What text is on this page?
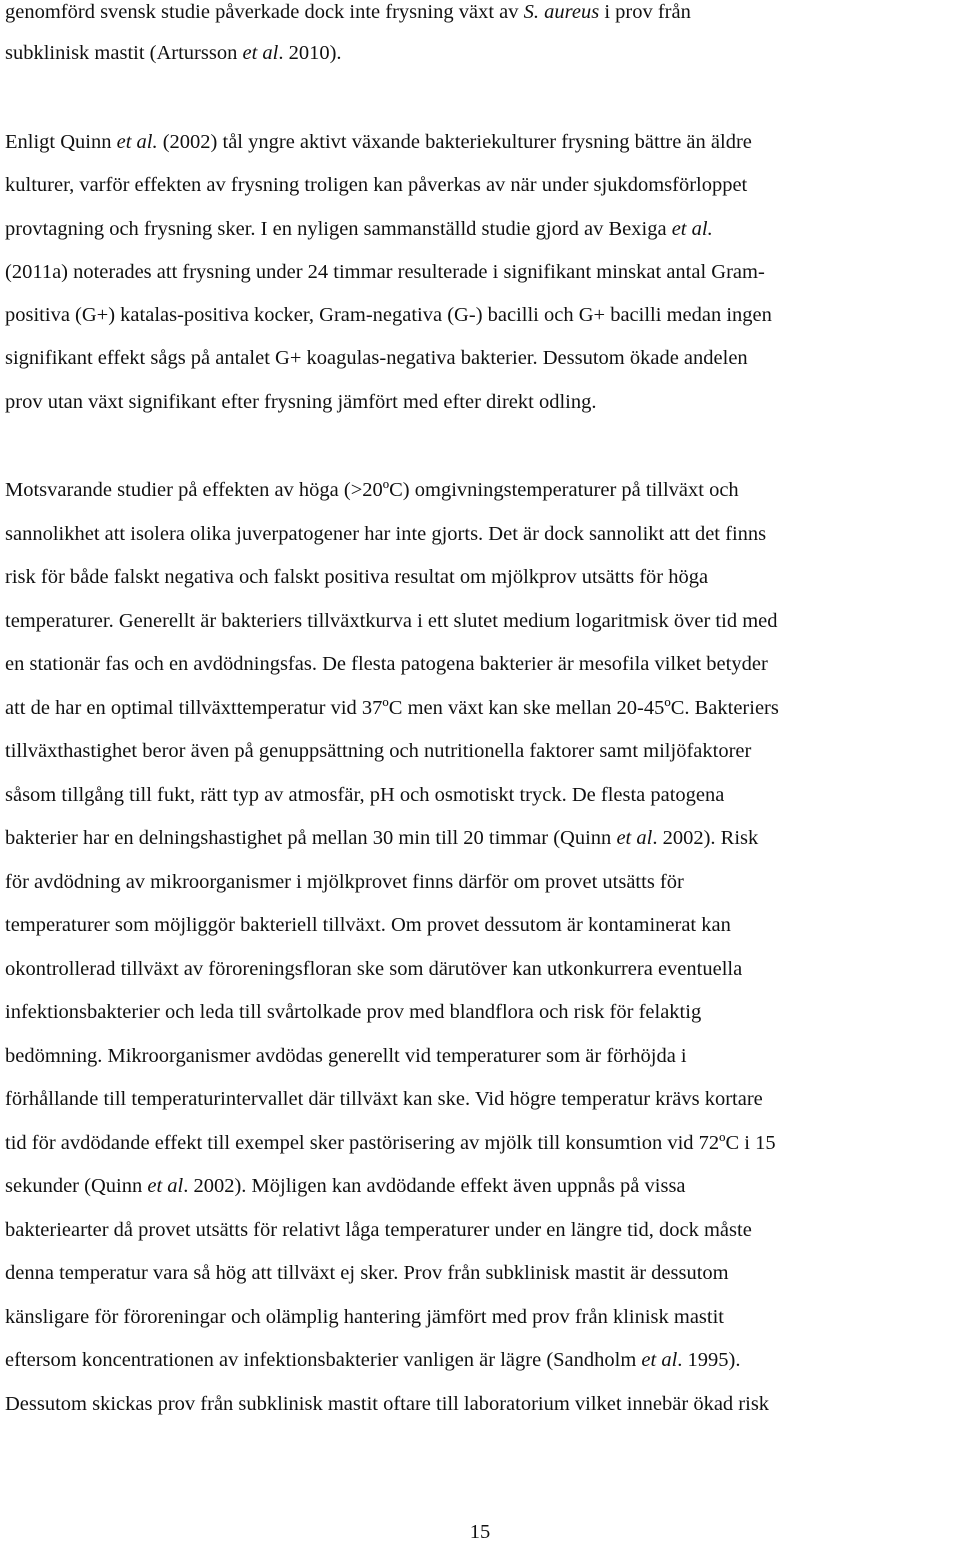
genomförd svensk studie påverkade dock inte frysning växt av S. aureus i prov från
subklinisk mastit (Artursson et al. 2010).
Enligt Quinn et al. (2002) tål yngre aktivt växande bakteriekulturer frysning bättre än äldre
kulturer, varför effekten av frysning troligen kan påverkas av när under sjukdomsförloppet
provtagning och frysning sker. I en nyligen sammanställd studie gjord av Bexiga et al.
(2011a) noterades att frysning under 24 timmar resulterade i signifikant minskat antal Gram-
positiva (G+) katalas-positiva kocker, Gram-negativa (G-) bacilli och G+ bacilli medan ingen
signifikant effekt sågs på antalet G+ koagulas-negativa bakterier. Dessutom ökade andelen
prov utan växt signifikant efter frysning jämfört med efter direkt odling.
Motsvarande studier på effekten av höga (>20ºC) omgivningstemperaturer på tillväxt och
sannolikhet att isolera olika juverpatogener har inte gjorts. Det är dock sannolikt att det finns
risk för både falskt negativa och falskt positiva resultat om mjölkprov utsätts för höga
temperaturer. Generellt är bakteriers tillväxtkurva i ett slutet medium logaritmisk över tid med
en stationär fas och en avdödningsfas. De flesta patogena bakterier är mesofila vilket betyder
att de har en optimal tillväxttemperatur vid 37ºC men växt kan ske mellan 20-45ºC. Bakteriers
tillväxthastighet beror även på genuppsättning och nutritionella faktorer samt miljöfaktorer
såsom tillgång till fukt, rätt typ av atmosfär, pH och osmotiskt tryck. De flesta patogena
bakterier har en delningshastighet på mellan 30 min till 20 timmar (Quinn et al. 2002). Risk
för avdödning av mikroorganismer i mjölkprovet finns därför om provet utsätts för
temperaturer som möjliggör bakteriell tillväxt. Om provet dessutom är kontaminerat kan
okontrollerad tillväxt av föroreningsfloran ske som därutöver kan utkonkurrera eventuella
infektionsbakterier och leda till svårtolkade prov med blandflora och risk för felaktig
bedömning. Mikroorganismer avdödas generellt vid temperaturer som är förhöjda i
förhållande till temperaturintervallet där tillväxt kan ske. Vid högre temperatur krävs kortare
tid för avdödande effekt till exempel sker pastörisering av mjölk till konsumtion vid 72ºC i 15
sekunder (Quinn et al. 2002). Möjligen kan avdödande effekt även uppnås på vissa
bakteriearter då provet utsätts för relativt låga temperaturer under en längre tid, dock måste
denna temperatur vara så hög att tillväxt ej sker. Prov från subklinisk mastit är dessutom
känsligare för föroreningar och olämplig hantering jämfört med prov från klinisk mastit
eftersom koncentrationen av infektionsbakterier vanligen är lägre (Sandholm et al. 1995).
Dessutom skickas prov från subklinisk mastit oftare till laboratorium vilket innebär ökad risk
15
